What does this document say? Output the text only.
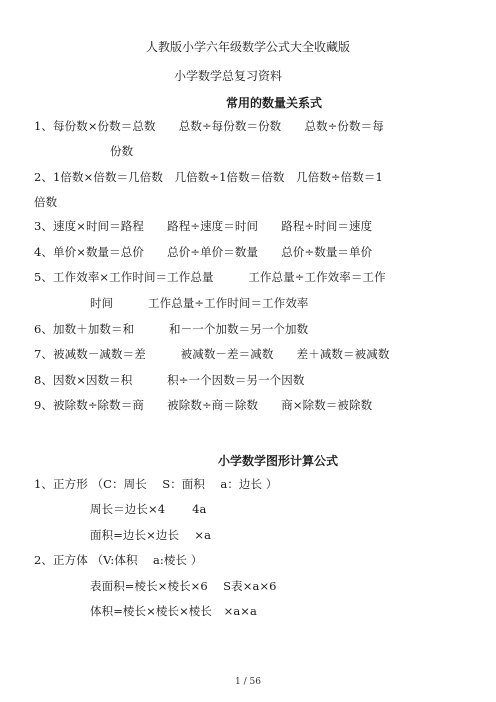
人教版小学六年级数学公式大全收藏版
小学数学总复习资料
常用的数量关系式
1、每份数×份数＝总数　　总数÷每份数＝份数　　总数÷份数＝每
份数
2、1倍数×倍数＝几倍数　几倍数÷1倍数＝倍数　几倍数÷倍数＝1
倍数
3、速度×时间＝路程　　路程÷速度＝时间　　路程÷时间＝速度
4、单价×数量＝总价　　总价÷单价＝数量　　总价÷数量＝单价
5、工作效率×工作时间＝工作总量　　　工作总量÷工作效率＝工作
时间　　　工作总量÷工作时间＝工作效率
6、加数＋加数＝和　　　和－一个加数＝另一个加数
7、被减数－减数＝差　　　被减数－差＝减数　　差＋减数＝被减数
8、因数×因数＝积　　　积÷一个因数＝另一个因数
9、被除数÷除数＝商　　被除数÷商＝除数　　商×除数＝被除数
小学数学图形计算公式
1、正方形 （C：周长　 S：面积　 a：边长 ）
周长＝边长×4　　 4a
面积=边长×边长　 ×a
2、正方体 （V:体积　 a:棱长 ）
表面积=棱长×棱长×6　 S表×a×6
体积=棱长×棱长×棱长　×a×a
1 / 56
